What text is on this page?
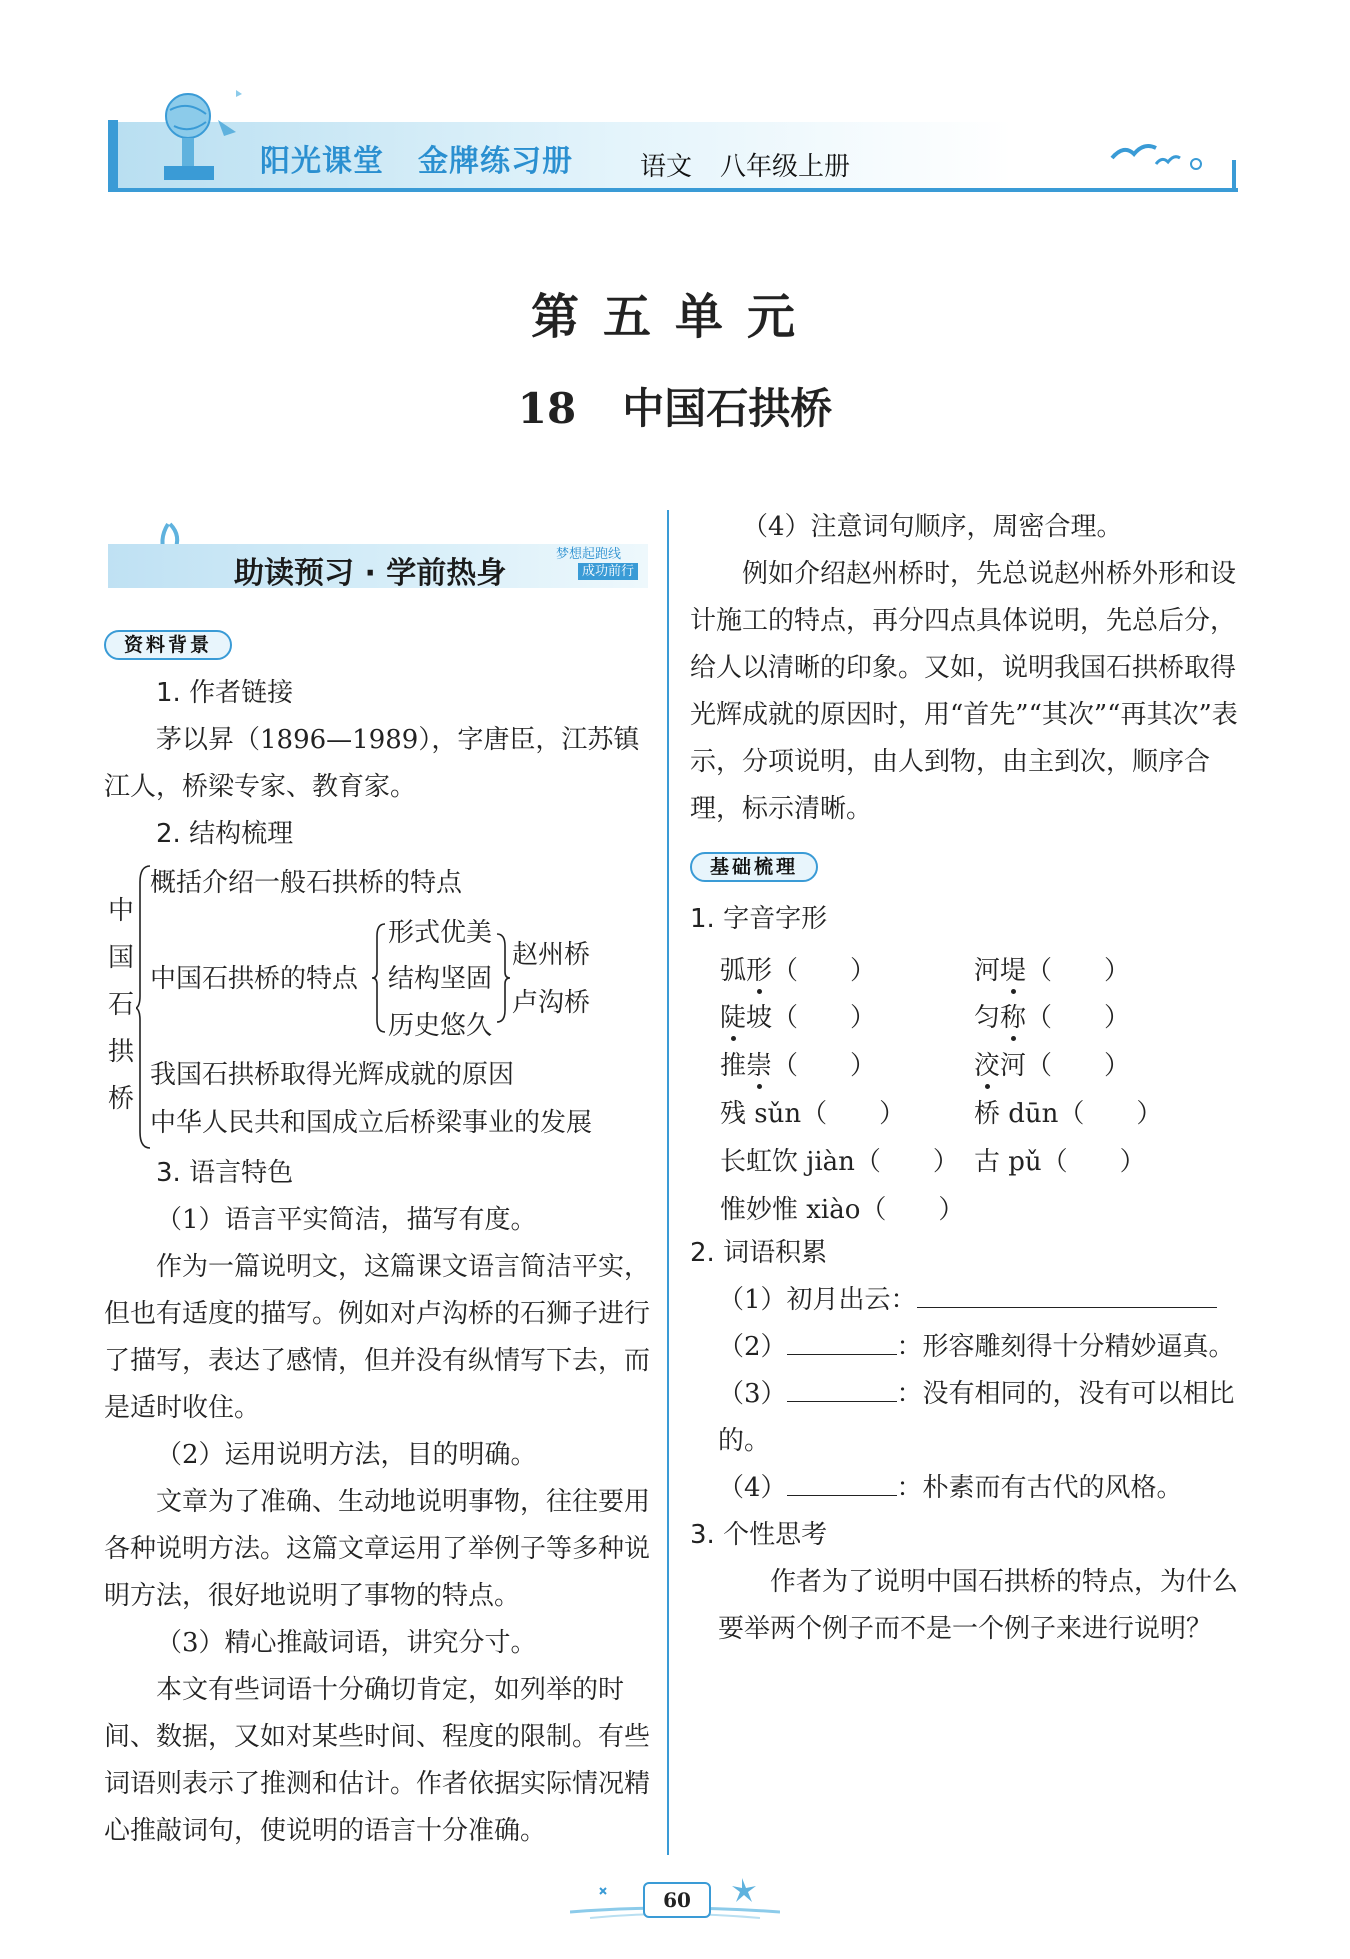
阳光课堂 金牌练习册	语文 八年级上册
第五单元
18 中国石拱桥
助读预习 · 学前热身
梦想起跑线
成功前行
资料背景

1. 作者链接

茅以昇（1896—1989），字唐臣，江苏镇江人，桥梁专家、教育家。

2. 结构梳理

中
国
石
拱
桥
概括介绍一般石拱桥的特点
中国石拱桥的特点
形式优美
结构坚固
历史悠久
赵州桥
卢沟桥
我国石拱桥取得光辉成就的原因
中华人民共和国成立后桥梁事业的发展

3. 语言特色

（1）语言平实简洁，描写有度。

作为一篇说明文，这篇课文语言简洁平实，但也有适度的描写。例如对卢沟桥的石狮子进行了描写，表达了感情，但并没有纵情写下去，而是适时收住。

（2）运用说明方法，目的明确。

文章为了准确、生动地说明事物，往往要用各种说明方法。这篇文章运用了举例子等多种说明方法，很好地说明了事物的特点。

（3）精心推敲词语，讲究分寸。

本文有些词语十分确切肯定，如列举的时间、数据，又如对某些时间、程度的限制。有些词语则表示了推测和估计。作者依据实际情况精心推敲词句，使说明的语言十分准确。

（4）注意词句顺序，周密合理。

例如介绍赵州桥时，先总说赵州桥外形和设计施工的特点，再分四点具体说明，先总后分，给人以清晰的印象。又如，说明我国石拱桥取得光辉成就的原因时，用“首先”“其次”“再其次”表示，分项说明，由人到物，由主到次，顺序合理，标示清晰。

基础梳理

1. 字音字形

弧形（　　）	河堤（　　）
陡坡（　　）	匀称（　　）
推崇（　　）	洨河（　　）
残 sǔn（　　）	桥 dūn（　　）
长虹饮 jiàn（　　） 古 pǔ（　　）
惟妙惟 xiào（　　）

2. 词语积累

（1）初月出云：

（2）	：形容雕刻得十分精妙逼真。

（3）	：没有相同的，没有可以相比的。

（4）	：朴素而有古代的风格。

3. 个性思考

作者为了说明中国石拱桥的特点，为什么要举两个例子而不是一个例子来进行说明？

60
